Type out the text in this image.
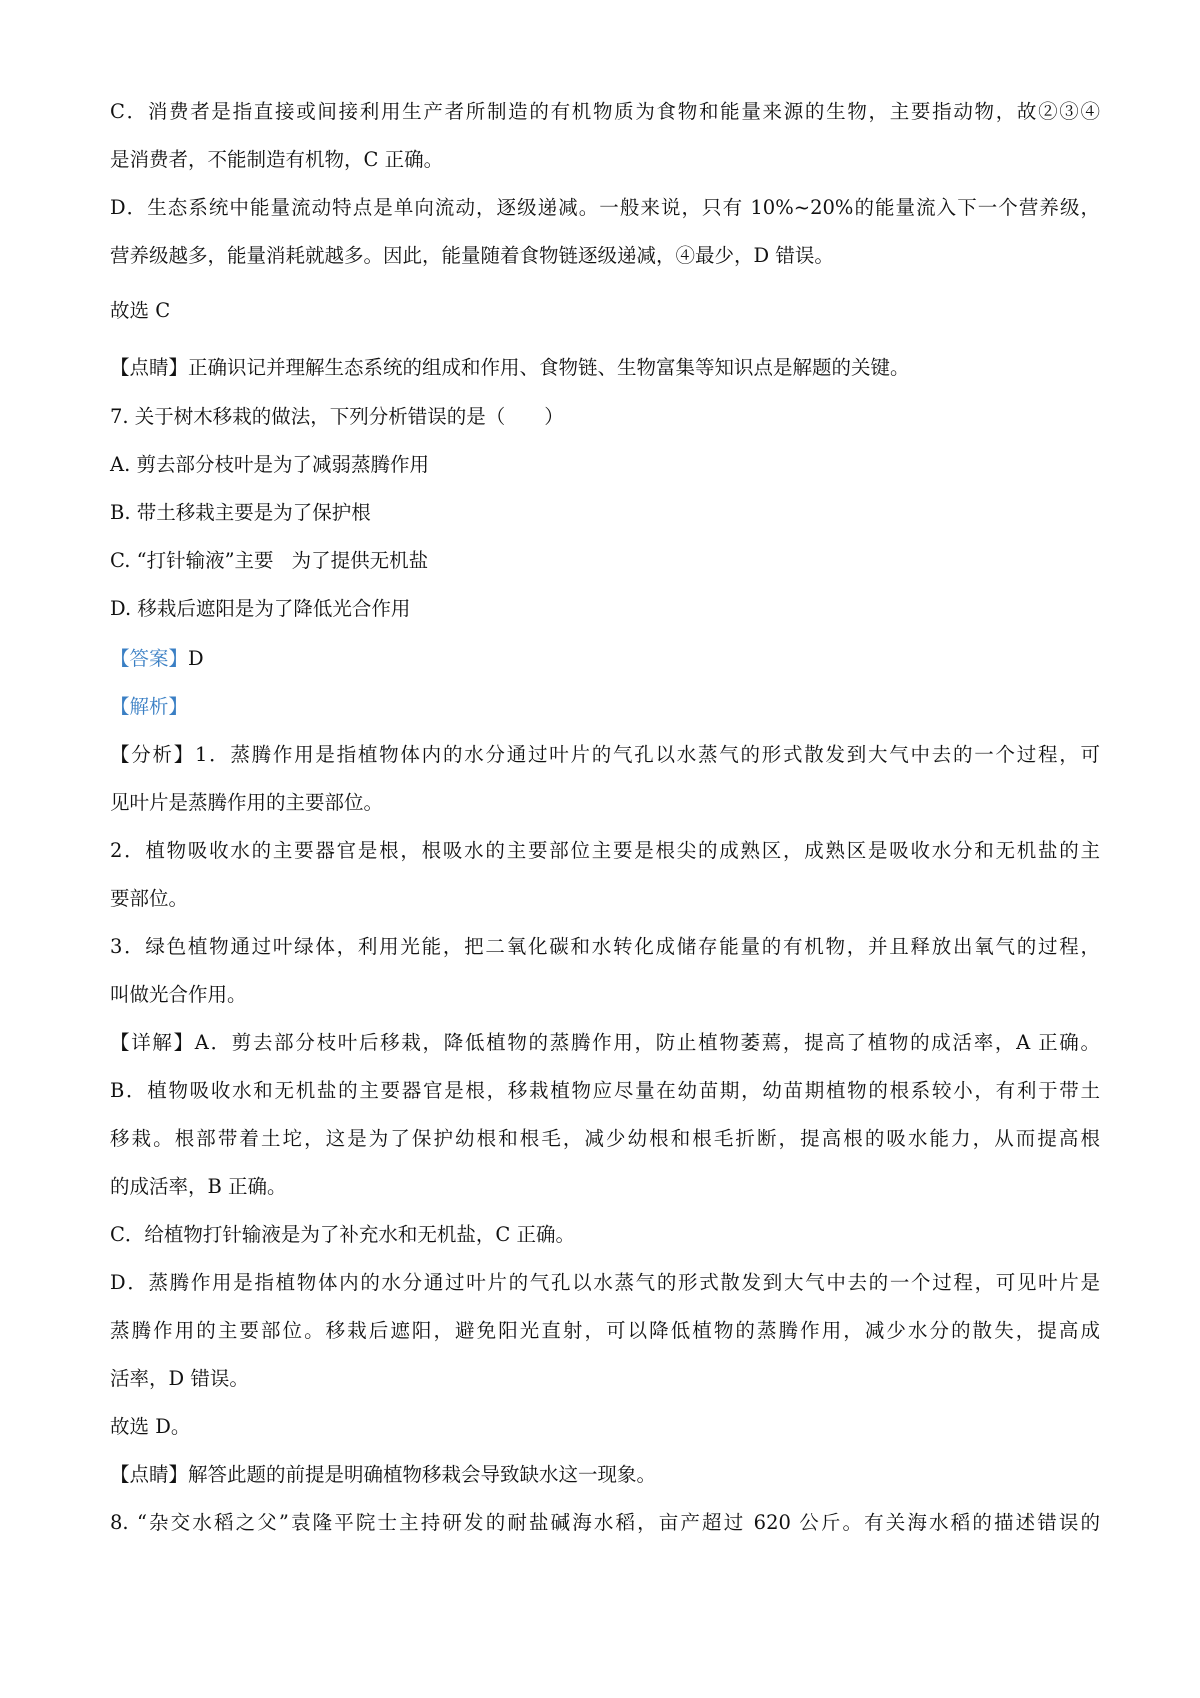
C．消费者是指直接或间接利用生产者所制造的有机物质为食物和能量来源的生物，主要指动物，故②③④

是消费者，不能制造有机物，C 正确。

D．生态系统中能量流动特点是单向流动，逐级递减。一般来说，只有 10%~20%的能量流入下一个营养级，

营养级越多，能量消耗就越多。因此，能量随着食物链逐级递减，④最少，D 错误。

故选 C

【点睛】正确识记并理解生态系统的组成和作用、食物链、生物富集等知识点是解题的关键。

7. 关于树木移栽的做法，下列分析错误的是（　　）

A. 剪去部分枝叶是为了减弱蒸腾作用

B. 带土移栽主要是为了保护根

C. “打针输液”主要 为了提供无机盐

D. 移栽后遮阳是为了降低光合作用

【答案】D

【解析】

【分析】1．蒸腾作用是指植物体内的水分通过叶片的气孔以水蒸气的形式散发到大气中去的一个过程，可

见叶片是蒸腾作用的主要部位。

2．植物吸收水的主要器官是根，根吸水的主要部位主要是根尖的成熟区，成熟区是吸收水分和无机盐的主

要部位。

3．绿色植物通过叶绿体，利用光能，把二氧化碳和水转化成储存能量的有机物，并且释放出氧气的过程，

叫做光合作用。

【详解】A．剪去部分枝叶后移栽，降低植物的蒸腾作用，防止植物萎蔫，提高了植物的成活率，A 正确。

B．植物吸收水和无机盐的主要器官是根，移栽植物应尽量在幼苗期，幼苗期植物的根系较小，有利于带土

移栽。根部带着土坨，这是为了保护幼根和根毛，减少幼根和根毛折断，提高根的吸水能力，从而提高根

的成活率，B 正确。

C．给植物打针输液是为了补充水和无机盐，C 正确。

D．蒸腾作用是指植物体内的水分通过叶片的气孔以水蒸气的形式散发到大气中去的一个过程，可见叶片是

蒸腾作用的主要部位。移栽后遮阳，避免阳光直射，可以降低植物的蒸腾作用，减少水分的散失，提高成

活率，D 错误。

故选 D。

【点睛】解答此题的前提是明确植物移栽会导致缺水这一现象。

8. “杂交水稻之父”袁隆平院士主持研发的耐盐碱海水稻，亩产超过 620 公斤。有关海水稻的描述错误的
